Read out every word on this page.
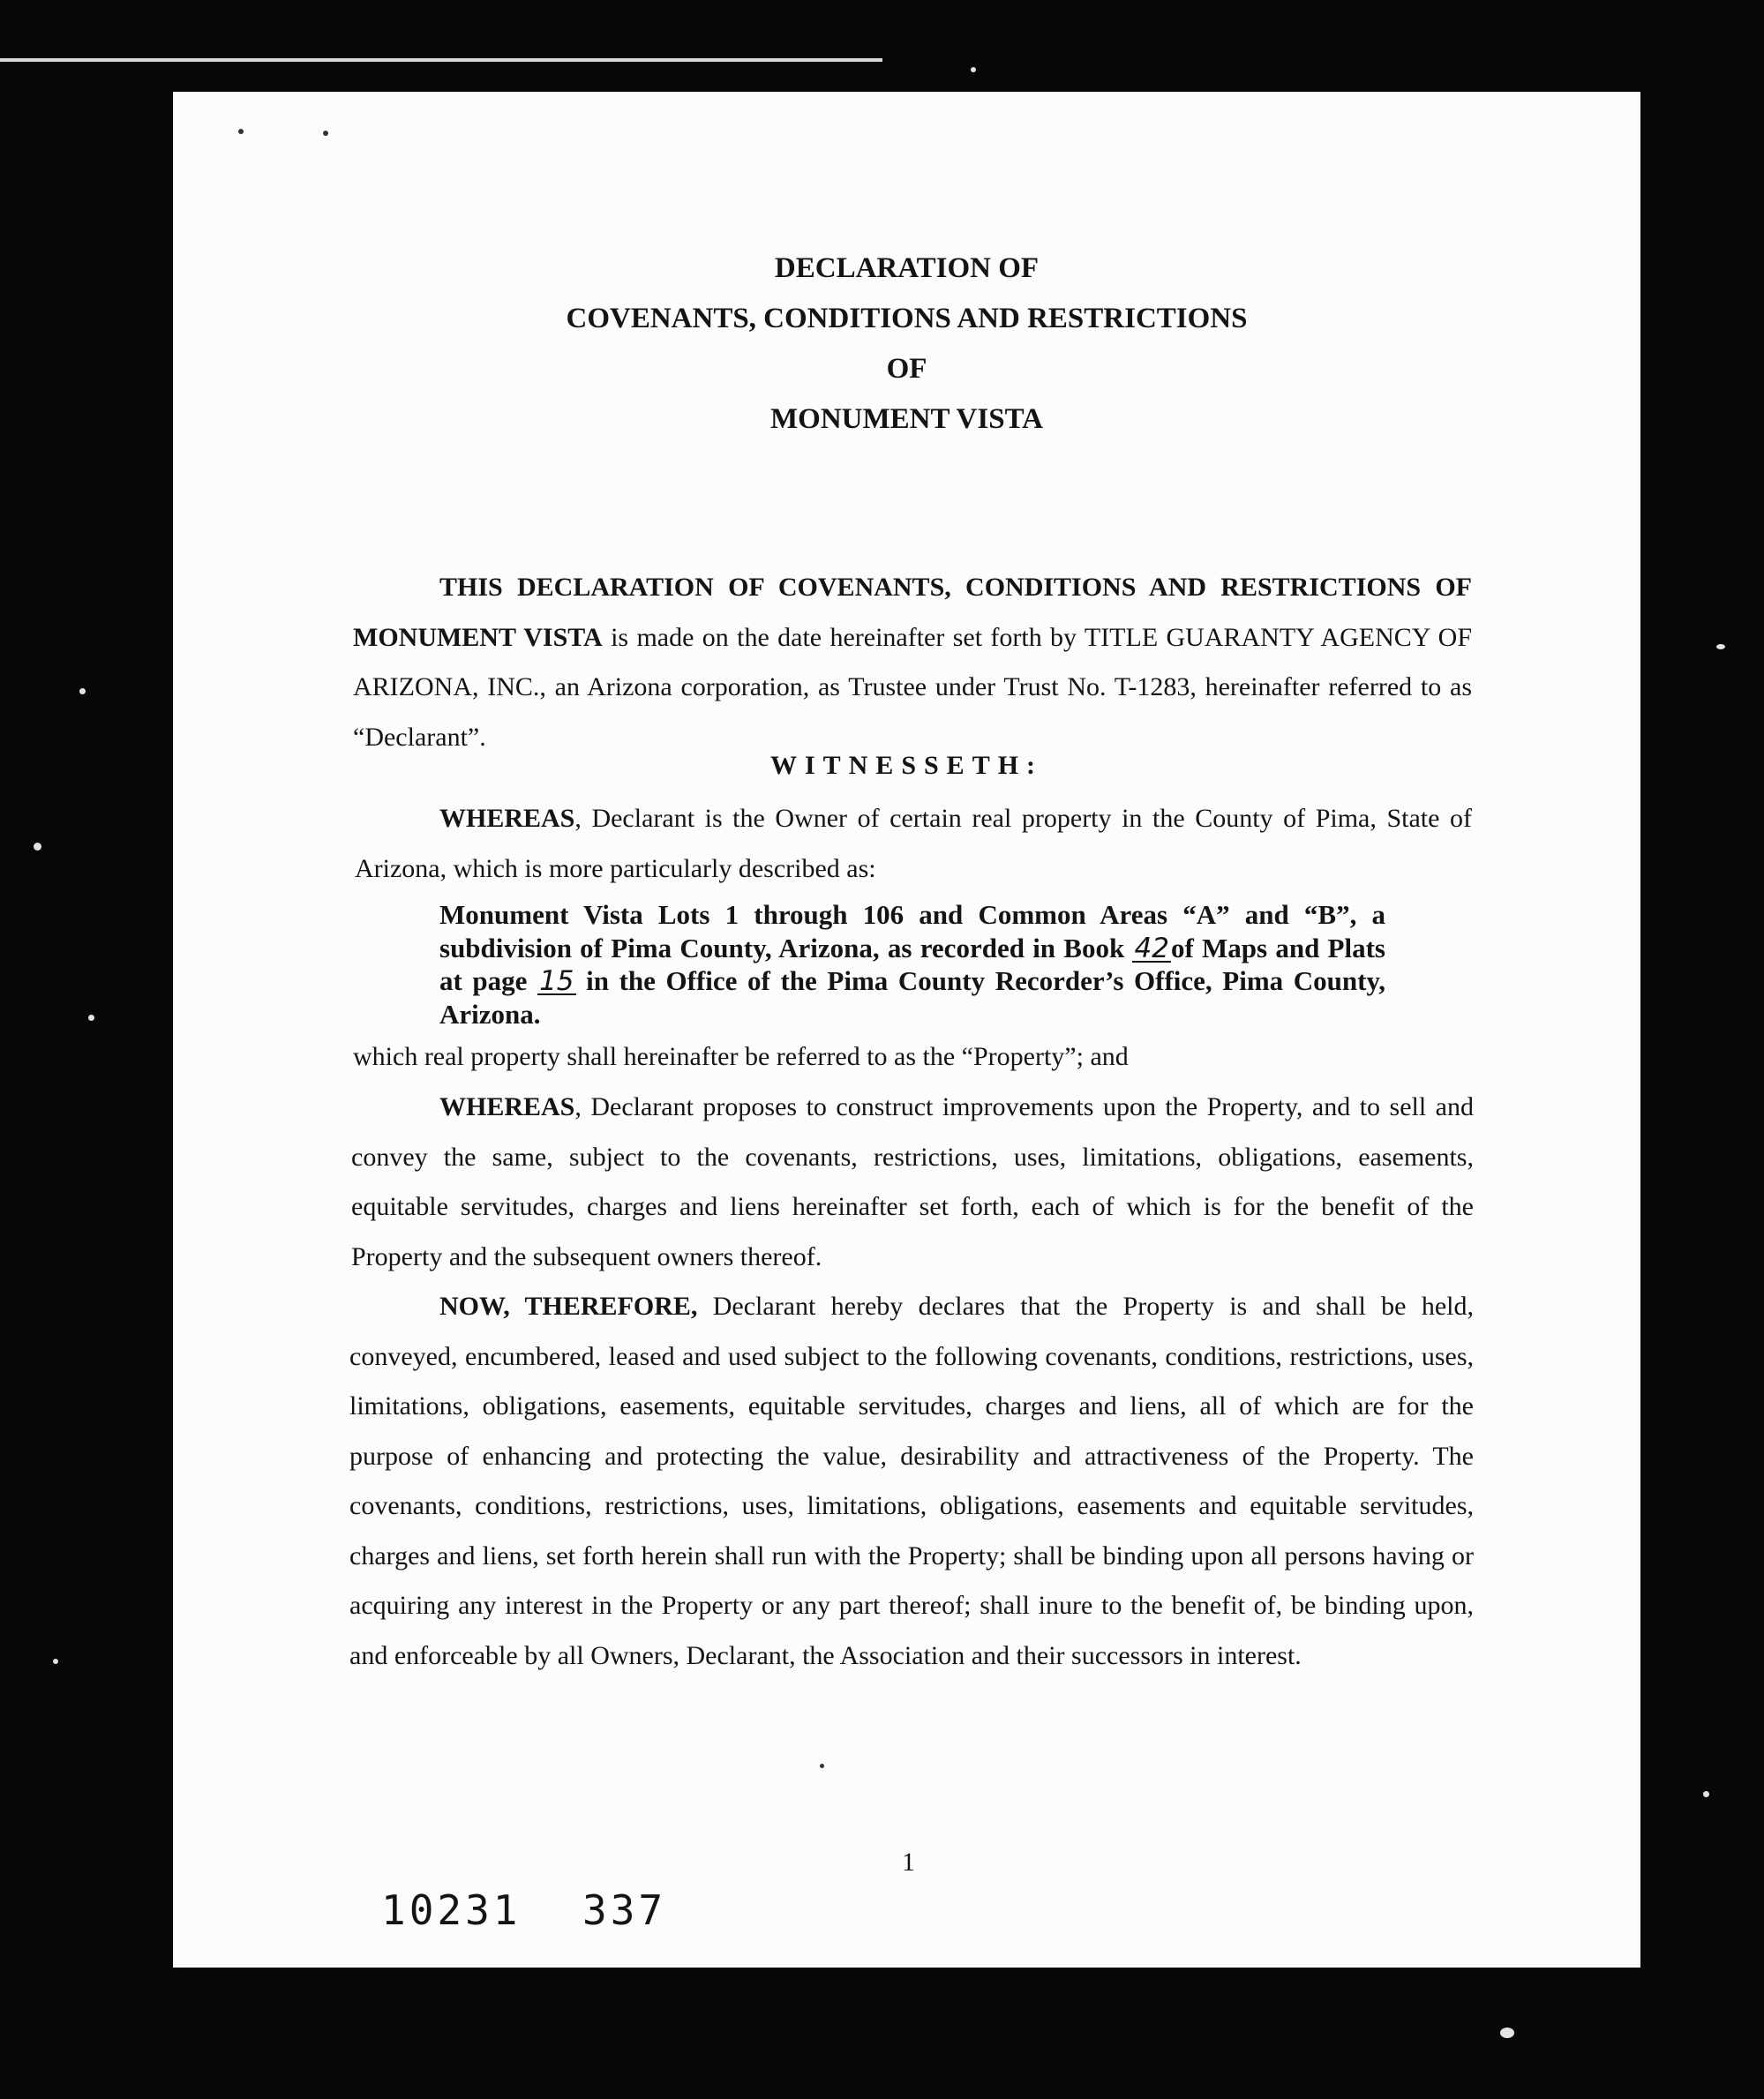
DECLARATION OF
COVENANTS, CONDITIONS AND RESTRICTIONS
OF
MONUMENT VISTA

THIS DECLARATION OF COVENANTS, CONDITIONS AND RESTRICTIONS OF MONUMENT VISTA is made on the date hereinafter set forth by TITLE GUARANTY AGENCY OF ARIZONA, INC., an Arizona corporation, as Trustee under Trust No. T-1283, hereinafter referred to as “Declarant”.

WITNESSETH:

WHEREAS, Declarant is the Owner of certain real property in the County of Pima, State of Arizona, which is more particularly described as:

Monument Vista Lots 1 through 106 and Common Areas “A” and “B”, a subdivision of Pima County, Arizona, as recorded in Book 42of Maps and Plats at page 15 in the Office of the Pima County Recorder’s Office, Pima County, Arizona.

which real property shall hereinafter be referred to as the “Property”; and

WHEREAS, Declarant proposes to construct improvements upon the Property, and to sell and convey the same, subject to the covenants, restrictions, uses, limitations, obligations, easements, equitable servitudes, charges and liens hereinafter set forth, each of which is for the benefit of the Property and the subsequent owners thereof.

NOW, THEREFORE, Declarant hereby declares that the Property is and shall be held, conveyed, encumbered, leased and used subject to the following covenants, conditions, restrictions, uses, limitations, obligations, easements, equitable servitudes, charges and liens, all of which are for the purpose of enhancing and protecting the value, desirability and attractiveness of the Property. The covenants, conditions, restrictions, uses, limitations, obligations, easements and equitable servitudes, charges and liens, set forth herein shall run with the Property; shall be binding upon all persons having or acquiring any interest in the Property or any part thereof; shall inure to the benefit of, be binding upon, and enforceable by all Owners, Declarant, the Association and their successors in interest.

1
10231 337
